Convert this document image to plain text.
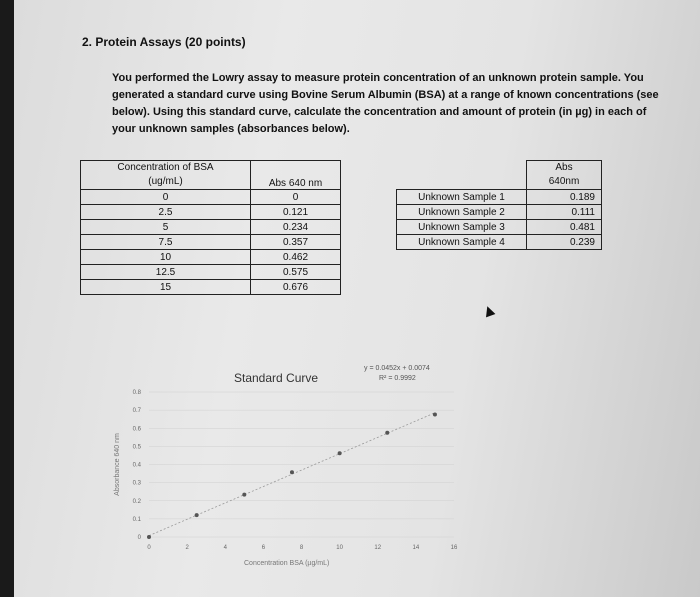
2. Protein Assays (20 points)
You performed the Lowry assay to measure protein concentration of an unknown protein sample. You generated a standard curve using Bovine Serum Albumin (BSA) at a range of known concentrations (see below). Using this standard curve, calculate the concentration and amount of protein (in µg) in each of your unknown samples (absorbances below).
Concentration of BSA
(ug/mL)	Abs 640 nm
0	0
2.5	0.121
5	0.234
7.5	0.357
10	0.462
12.5	0.575
15	0.676

	Abs
640nm

Unknown Sample 1	0.189
Unknown Sample 2	0.111
Unknown Sample 3	0.481
Unknown Sample 4	0.239
Standard Curve
y = 0.0452x + 0.0074
R² = 0.9992
Absorbance 640 nm
0
0.1
0.2
0.3
0.4
0.5
0.6
0.7
0.8
0	2	4	6	8	10	12	14	16
Concentration BSA (µg/mL)
